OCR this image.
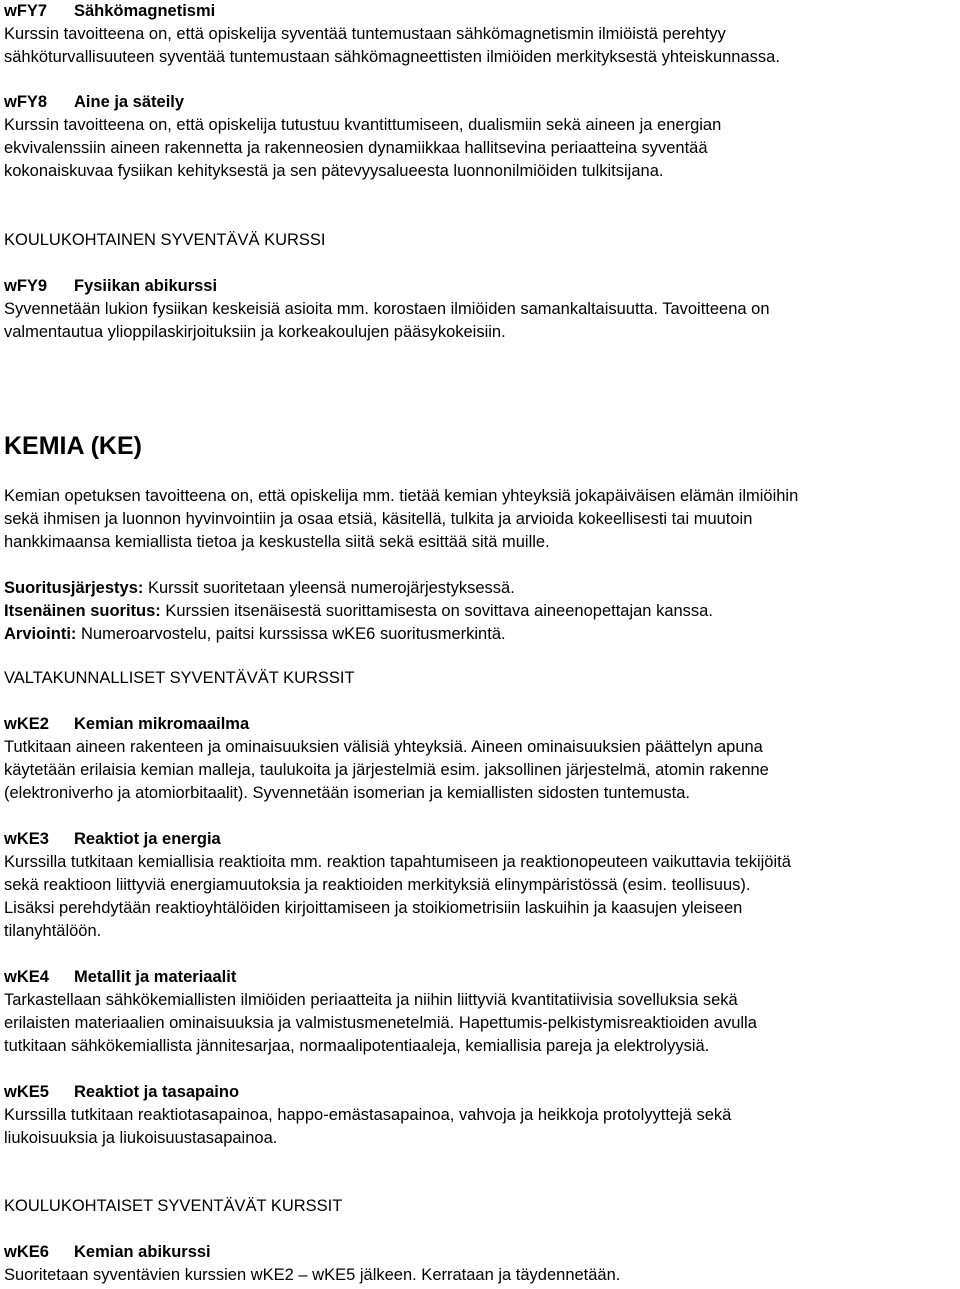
wFY7 Sähkömagnetismi

Kurssin tavoitteena on, että opiskelija syventää tuntemustaan sähkömagnetismin ilmiöistä perehtyy

sähköturvallisuuteen syventää tuntemustaan sähkömagneettisten ilmiöiden merkityksestä yhteiskunnassa.

wFY8 Aine ja säteily

Kurssin tavoitteena on, että opiskelija tutustuu kvantittumiseen, dualismiin sekä aineen ja energian

ekvivalenssiin aineen rakennetta ja rakenneosien dynamiikkaa hallitsevina periaatteina syventää

kokonaiskuvaa fysiikan kehityksestä ja sen pätevyysalueesta luonnonilmiöiden tulkitsijana.

KOULUKOHTAINEN SYVENTÄVÄ KURSSI

wFY9 Fysiikan abikurssi

Syvennetään lukion fysiikan keskeisiä asioita mm. korostaen ilmiöiden samankaltaisuutta. Tavoitteena on

valmentautua ylioppilaskirjoituksiin ja korkeakoulujen pääsykokeisiin.

KEMIA (KE)

Kemian opetuksen tavoitteena on, että opiskelija mm. tietää kemian yhteyksiä jokapäiväisen elämän ilmiöihin

sekä ihmisen ja luonnon hyvinvointiin ja osaa etsiä, käsitellä, tulkita ja arvioida kokeellisesti tai muutoin

hankkimaansa kemiallista tietoa ja keskustella siitä sekä esittää sitä muille.

Suoritusjärjestys: Kurssit suoritetaan yleensä numerojärjestyksessä.

Itsenäinen suoritus: Kurssien itsenäisestä suorittamisesta on sovittava aineenopettajan kanssa.

Arviointi: Numeroarvostelu, paitsi kurssissa wKE6 suoritusmerkintä.

VALTAKUNNALLISET SYVENTÄVÄT KURSSIT

wKE2 Kemian mikromaailma

Tutkitaan aineen rakenteen ja ominaisuuksien välisiä yhteyksiä. Aineen ominaisuuksien päättelyn apuna

käytetään erilaisia kemian malleja, taulukoita ja järjestelmiä esim. jaksollinen järjestelmä, atomin rakenne

(elektroniverho ja atomiorbitaalit). Syvennetään isomerian ja kemiallisten sidosten tuntemusta.

wKE3 Reaktiot ja energia

Kurssilla tutkitaan kemiallisia reaktioita mm. reaktion tapahtumiseen ja reaktionopeuteen vaikuttavia tekijöitä

sekä reaktioon liittyviä energiamuutoksia ja reaktioiden merkityksiä elinympäristössä (esim. teollisuus).

Lisäksi perehdytään reaktioyhtälöiden kirjoittamiseen ja stoikiometrisiin laskuihin ja kaasujen yleiseen

tilanyhtälöön.

wKE4 Metallit ja materiaalit

Tarkastellaan sähkökemiallisten ilmiöiden periaatteita ja niihin liittyviä kvantitatiivisia sovelluksia sekä

erilaisten materiaalien ominaisuuksia ja valmistusmenetelmiä. Hapettumis-pelkistymisreaktioiden avulla

tutkitaan sähkökemiallista jännitesarjaa, normaalipotentiaaleja, kemiallisia pareja ja elektrolyysiä.

wKE5 Reaktiot ja tasapaino

Kurssilla tutkitaan reaktiotasapainoa, happo-emästasapainoa, vahvoja ja heikkoja protolyyttejä sekä

liukoisuuksia ja liukoisuustasapainoa.

KOULUKOHTAISET SYVENTÄVÄT KURSSIT

wKE6 Kemian abikurssi

Suoritetaan syventävien kurssien wKE2 – wKE5 jälkeen. Kerrataan ja täydennetään.
